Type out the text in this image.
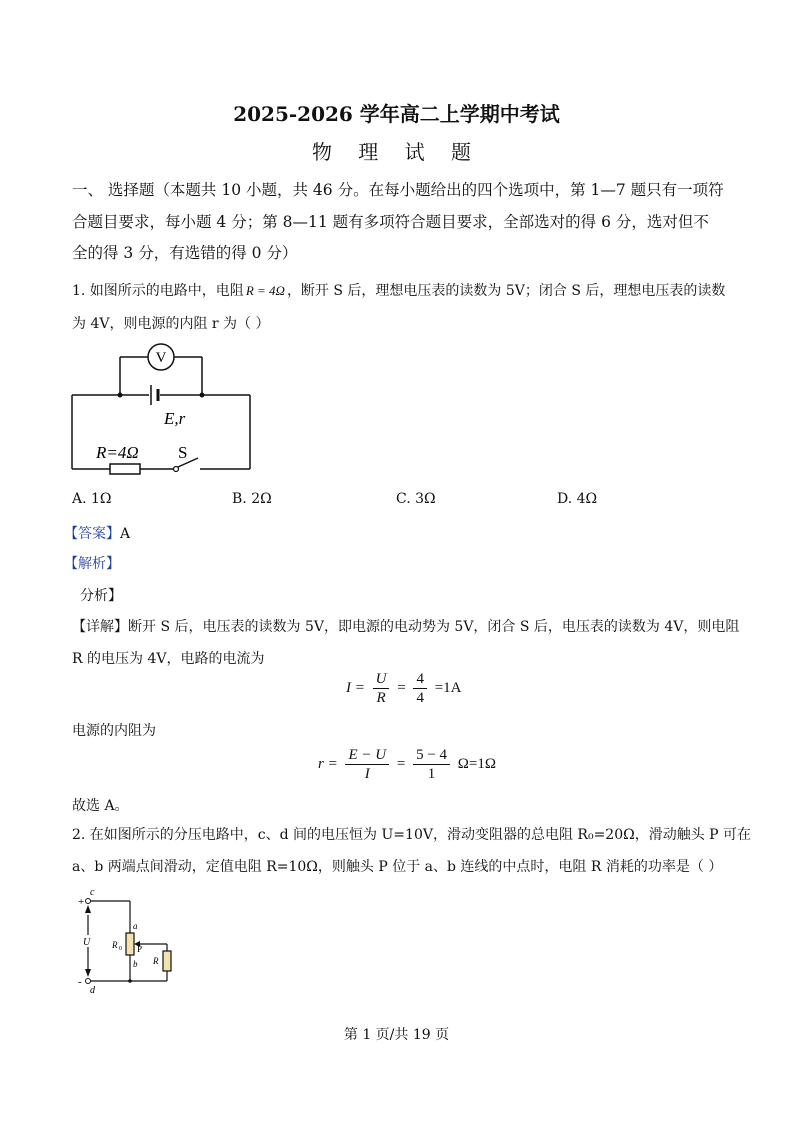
2025-2026 学年高二上学期中考试
物 理 试 题
一、 选择题（本题共 10 小题，共 46 分。在每小题给出的四个选项中，第 1—7 题只有一项符
合题目要求，每小题 4 分；第 8—11 题有多项符合题目要求，全部选对的得 6 分，选对但不
全的得 3 分，有选错的得 0 分）
1. 如图所示的电路中，电阻 R = 4Ω ，断开 S 后，理想电压表的读数为 5V；闭合 S 后，理想电压表的读数
为 4V，则电源的内阻 r 为（ ）
V
E,r
R=4Ω S
A. 1Ω	B. 2Ω	C. 3Ω	D. 4Ω
【答案】A
【解析】
分析】
【详解】断开 S 后，电压表的读数为 5V，即电源的电动势为 5V，闭合 S 后，电压表的读数为 4V，则电阻
R 的电压为 4V，电路的电流为
$I = \frac{U}{R} = \frac{4}{4} =1A$
电源的内阻为
$r = \frac{E - U}{I} = \frac{5 - 4}{1} \Omega=1\Omega$
故选 A。
2. 在如图所示的分压电路中，c、d 间的电压恒为 U=10V，滑动变阻器的总电阻 R₀=20Ω，滑动触头 P 可在
a、b 两端点间滑动，定值电阻 R=10Ω，则触头 P 位于 a、b 连线的中点时，电阻 R 消耗的功率是（ ）
+
-
c
d
U
a
b
P
R 0
R
第 1 页/共 19 页
